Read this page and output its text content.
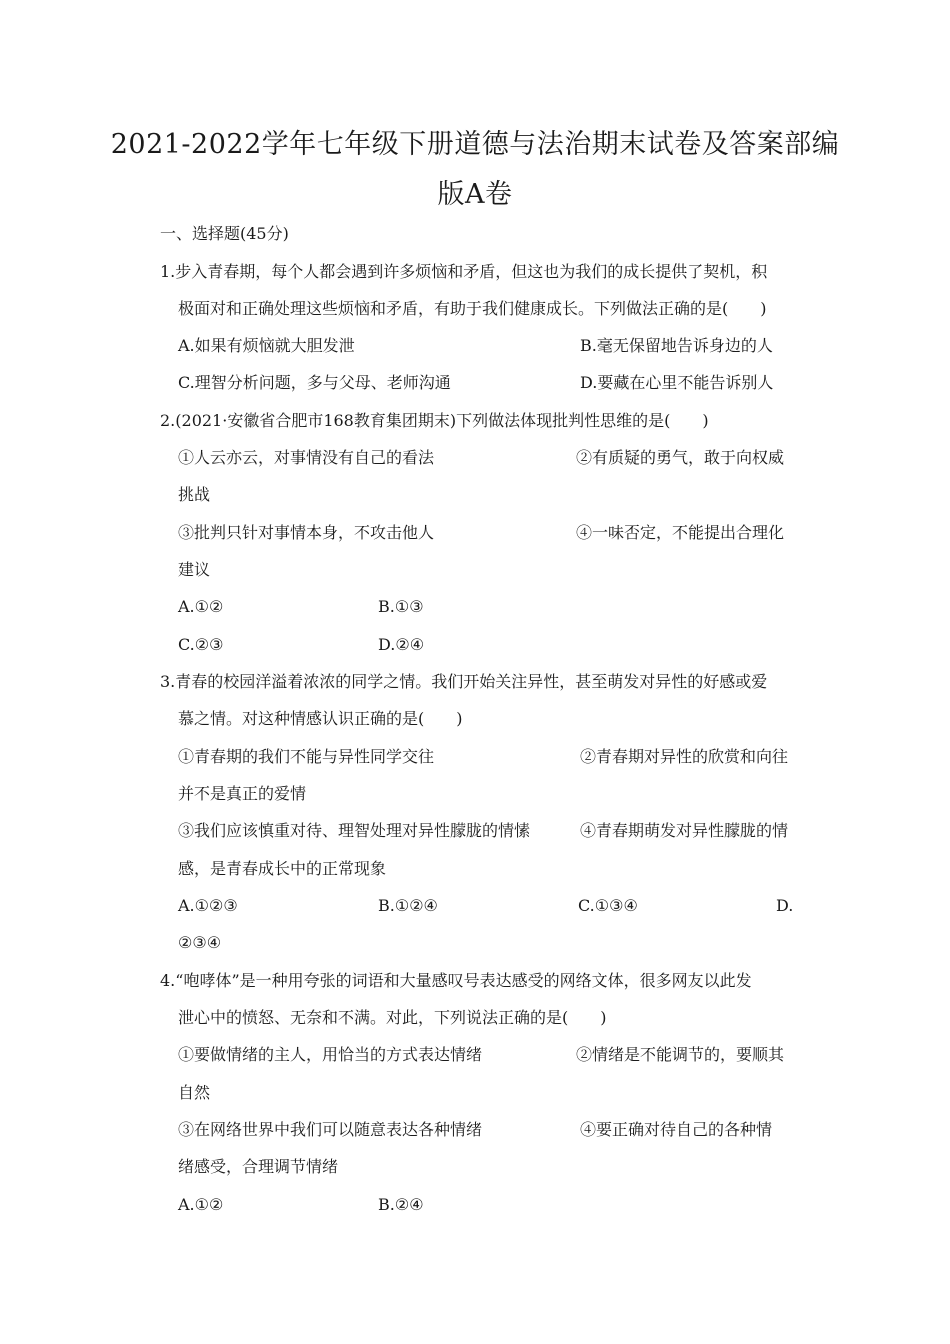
2021-2022学年七年级下册道德与法治期末试卷及答案部编
版A卷
一、选择题(45分)
1.步入青春期，每个人都会遇到许多烦恼和矛盾，但这也为我们的成长提供了契机，积
极面对和正确处理这些烦恼和矛盾，有助于我们健康成长。下列做法正确的是(　　)
A.如果有烦恼就大胆发泄	B.毫无保留地告诉身边的人
C.理智分析问题，多与父母、老师沟通	D.要藏在心里不能告诉别人
2.(2021·安徽省合肥市168教育集团期末)下列做法体现批判性思维的是(　　)
①人云亦云，对事情没有自己的看法	②有质疑的勇气，敢于向权威
挑战
③批判只针对事情本身，不攻击他人	④一味否定，不能提出合理化
建议
A.①②	B.①③
C.②③	D.②④
3.青春的校园洋溢着浓浓的同学之情。我们开始关注异性，甚至萌发对异性的好感或爱
慕之情。对这种情感认识正确的是(　　)
①青春期的我们不能与异性同学交往	②青春期对异性的欣赏和向往
并不是真正的爱情
③我们应该慎重对待、理智处理对异性朦胧的情愫	④青春期萌发对异性朦胧的情
感，是青春成长中的正常现象
A.①②③	B.①②④	C.①③④	D.
②③④
4.“咆哮体”是一种用夸张的词语和大量感叹号表达感受的网络文体，很多网友以此发
泄心中的愤怒、无奈和不满。对此，下列说法正确的是(　　)
①要做情绪的主人，用恰当的方式表达情绪	②情绪是不能调节的，要顺其
自然
③在网络世界中我们可以随意表达各种情绪	④要正确对待自己的各种情
绪感受，合理调节情绪
A.①②	B.②④
